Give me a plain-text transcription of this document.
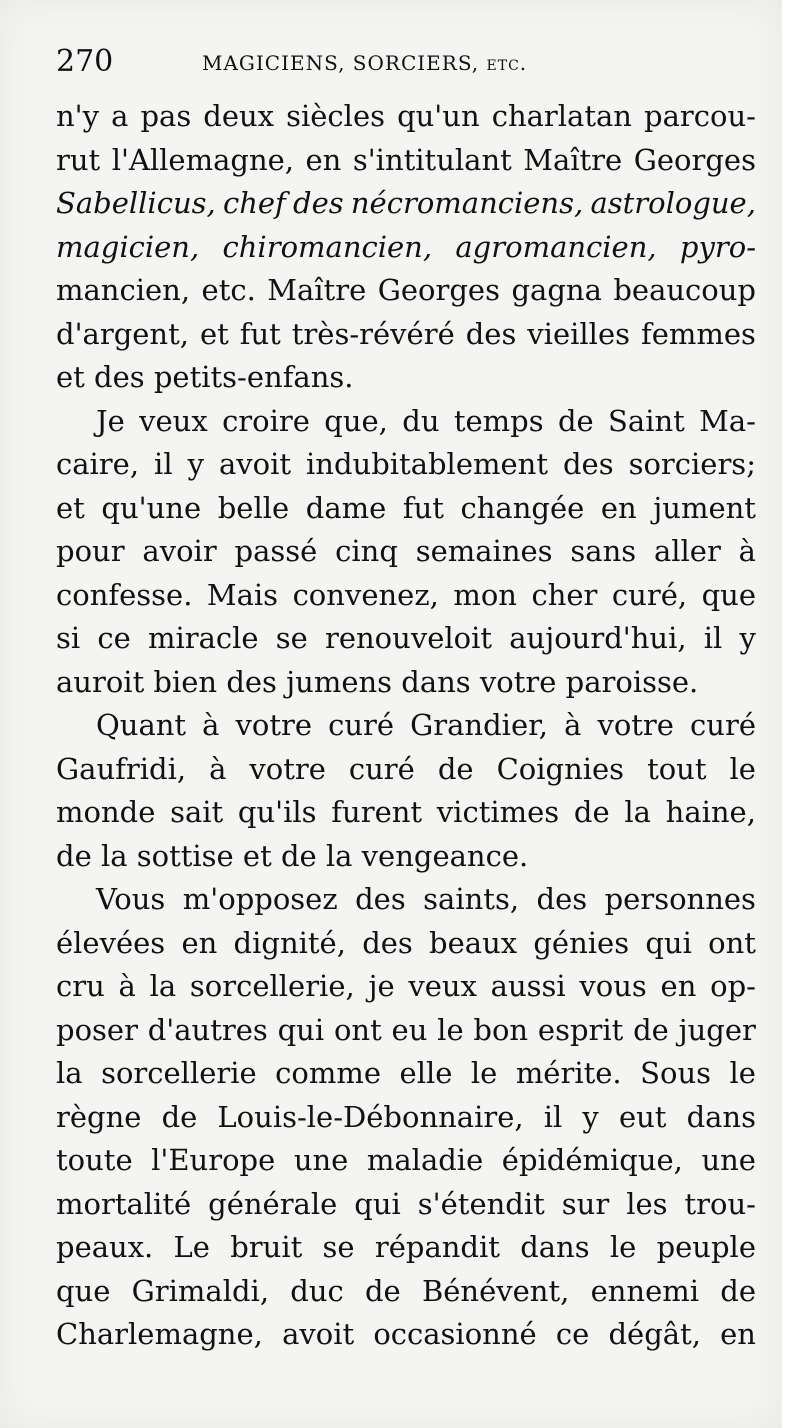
270	MAGICIENS, SORCIERS, etc.
n'y a pas deux siècles qu'un charlatan parcou-
rut l'Allemagne, en s'intitulant Maître Georges
Sabellicus, chef des nécromanciens, astrologue,
magicien, chiromancien, agromancien, pyro-
mancien, etc. Maître Georges gagna beaucoup
d'argent, et fut très-révéré des vieilles femmes
et des petits-enfans.
Je veux croire que, du temps de Saint Ma-
caire, il y avoit indubitablement des sorciers;
et qu'une belle dame fut changée en jument
pour avoir passé cinq semaines sans aller à
confesse. Mais convenez, mon cher curé, que
si ce miracle se renouveloit aujourd'hui, il y
auroit bien des jumens dans votre paroisse.
Quant à votre curé Grandier, à votre curé
Gaufridi, à votre curé de Coignies tout le
monde sait qu'ils furent victimes de la haine,
de la sottise et de la vengeance.
Vous m'opposez des saints, des personnes
élevées en dignité, des beaux génies qui ont
cru à la sorcellerie, je veux aussi vous en op-
poser d'autres qui ont eu le bon esprit de juger
la sorcellerie comme elle le mérite. Sous le
règne de Louis-le-Débonnaire, il y eut dans
toute l'Europe une maladie épidémique, une
mortalité générale qui s'étendit sur les trou-
peaux. Le bruit se répandit dans le peuple
que Grimaldi, duc de Bénévent, ennemi de
Charlemagne, avoit occasionné ce dégât, en
